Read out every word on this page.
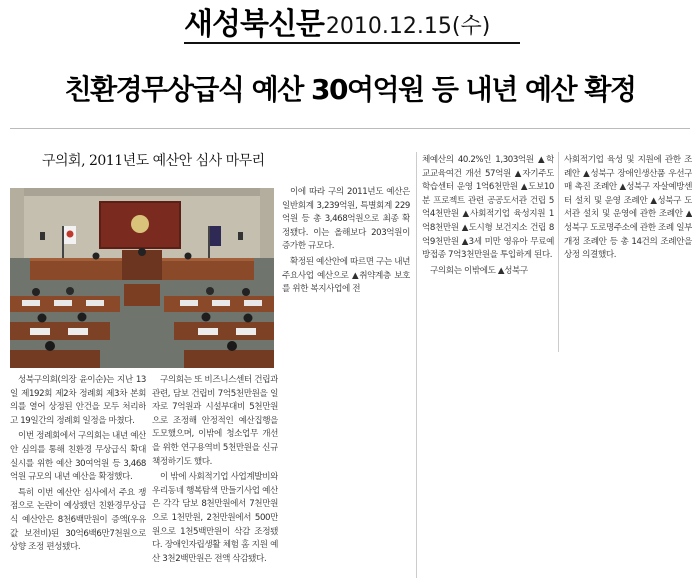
새성북신문 2010.12.15(수)
친환경무상급식 예산 30여억원 등 내년 예산 확정
구의회, 2011년도 예산안 심사 마무리

성북구의회(의장 윤이순)는 지난 13일 제192회 제2차 정례회 제3차 본회의를 열어 상정된 안건을 모두 처리하고 19일간의 정례회 일정을 마쳤다.

이번 정례회에서 구의회는 내년 예산안 심의를 통해 친환경 무상급식 확대 실시를 위한 예산 30여억원 등 3,468억원 규모의 내년 예산을 확정했다.

특히 이번 예산안 심사에서 주요 쟁점으로 논란이 예상됐던 친환경무상급식 예산안은 8천6백만원이 증액(우유 값 보전비)된 30억6백6만7천원으로 상향 조정 편성됐다.

이에 따라 구의 2011년도 예산은 일반회계 3,239억원, 특별회계 229억원 등 총 3,468억원으로 최종 확정됐다. 이는 올해보다 203억원이 증가한 규모다.

확정된 예산안에 따르면 구는 내년 주요사업 예산으로 ▲취약계층 보호를 위한 복지사업에 전

구의회는 또 비즈니스센터 건립과 관련, 담보 건립비 7억5천만원을 일자로 7억원과 시설부대비 5천만원으로 조정해 안정적인 예산집행을 도모했으며, 이밖에 청소업무 개선을 위한 연구용역비 5천만원을 신규 책정하기도 했다.

이 밖에 사회적기업 사업계발비와 우리동네 행복탐색 만들기사업 예산은 각각 담보 8천만원에서 7천만원으로 1천만원, 2천만원에서 500만원으로 1천5백만원이 삭감 조정됐다. 장애인자립생활 체험 홈 지원 예산 3천2백만원은 전액 삭감됐다.

체예산의 40.2%인 1,303억원 ▲학교교육여건 개선 57억원 ▲자기주도학습센터 운영 1억6천만원 ▲도보10분 프로젝트 관련 공공도서관 건립 5억4천만원 ▲사회적기업 육성지원 1억8천만원 ▲도시형 보건지소 건립 8억9천만원 ▲3세 미만 영유아 무료예방접종 7억3천만원을 투입하게 된다.

구의회는 이밖에도 ▲성북구

사회적기업 육성 및 지원에 관한 조례안 ▲성북구 장애인생산품 우선구매 촉진 조례안 ▲성북구 자살예방센터 설치 및 운영 조례안 ▲성북구 도서관 설치 및 운영에 관한 조례안 ▲성북구 도로명주소에 관한 조례 일부개정 조례안 등 총 14건의 조례안을 상정 의결했다.
